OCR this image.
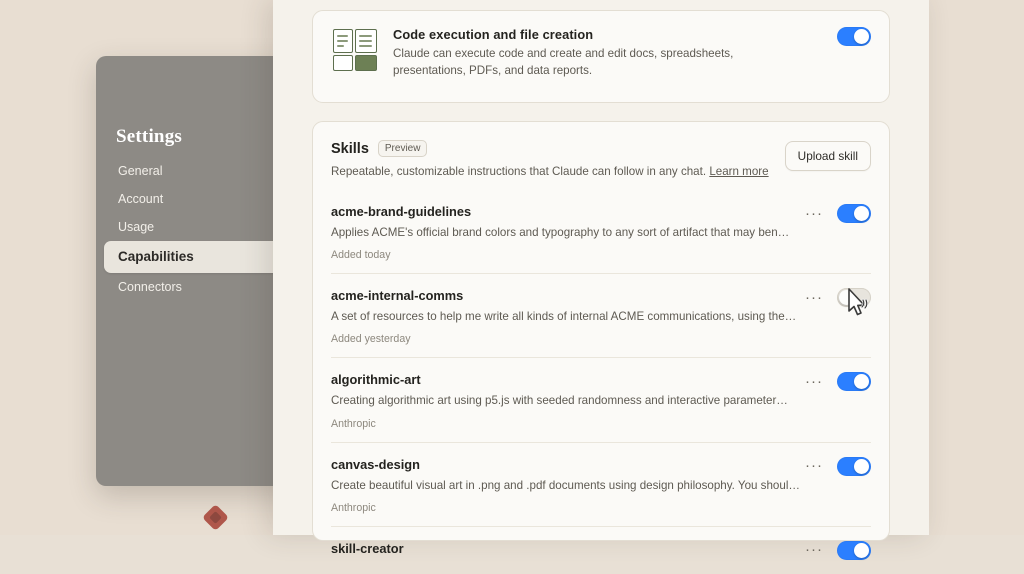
Settings
General
Account
Usage
Capabilities
Connectors
Code execution and file creation
Claude can execute code and create and edit docs, spreadsheets, presentations, PDFs, and data reports.
Skills	Preview
Repeatable, customizable instructions that Claude can follow in any chat. Learn more
Upload skill
acme-brand-guidelines
Applies ACME's official brand colors and typography to any sort of artifact that may ben…
Added today
···
acme-internal-comms
A set of resources to help me write all kinds of internal ACME communications, using the…
Added yesterday
···
algorithmic-art
Creating algorithmic art using p5.js with seeded randomness and interactive parameter…
Anthropic
···
canvas-design
Create beautiful visual art in .png and .pdf documents using design philosophy. You shoul…
Anthropic
···
skill-creator	···
